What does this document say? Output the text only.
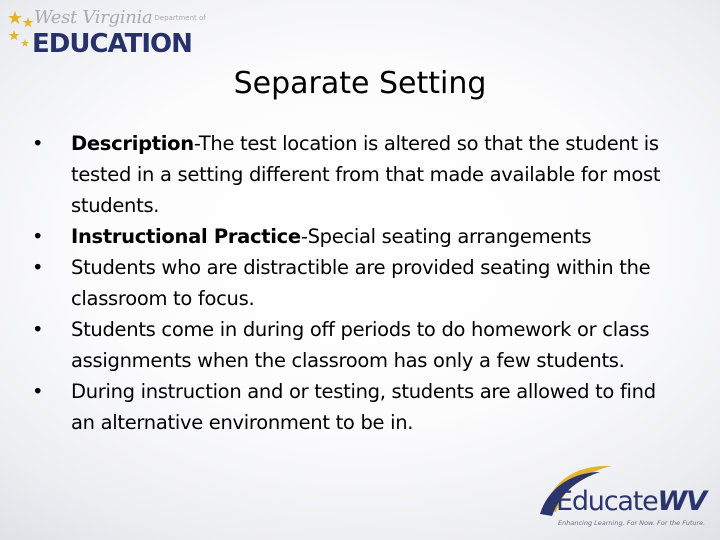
West Virginia Department of
EDUCATION
Separate Setting
• Description-The test location is altered so that the student is tested in a setting different from that made available for most students.
• Instructional Practice-Special seating arrangements
• Students who are distractible are provided seating within the classroom to focus.
• Students come in during off periods to do homework or class assignments when the classroom has only a few students.
• During instruction and or testing, students are allowed to find an alternative environment to be in.
EducateWV
Enhancing Learning. For Now. For the Future.
